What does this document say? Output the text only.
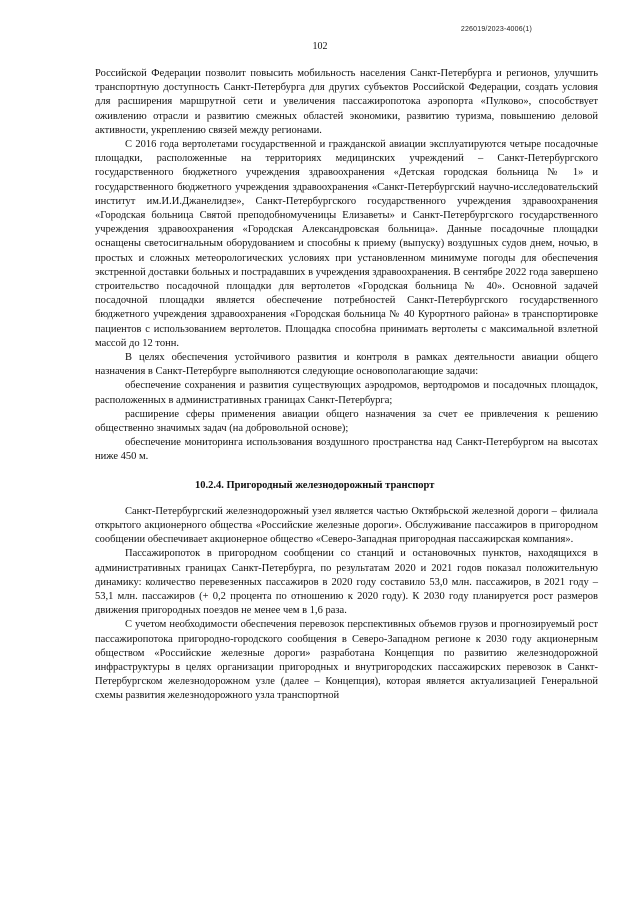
226019/2023-4006(1)
102

Российской Федерации позволит повысить мобильность населения Санкт-Петербурга и регионов, улучшить транспортную доступность Санкт-Петербурга для других субъектов Российской Федерации, создать условия для расширения маршрутной сети и увеличения пассажиропотока аэропорта «Пулково», способствует оживлению отрасли и развитию смежных областей экономики, развитию туризма, повышению деловой активности, укреплению связей между регионами.

С 2016 года вертолетами государственной и гражданской авиации эксплуатируются четыре посадочные площадки, расположенные на территориях медицинских учреждений – Санкт-Петербургского государственного бюджетного учреждения здравоохранения «Детская городская больница № 1» и государственного бюджетного учреждения здравоохранения «Санкт-Петербургский научно-исследовательский институт им.И.И.Джанелидзе», Санкт-Петербургского государственного учреждения здравоохранения «Городская больница Святой преподобномученицы Елизаветы» и Санкт-Петербургского государственного учреждения здравоохранения «Городская Александровская больница». Данные посадочные площадки оснащены светосигнальным оборудованием и способны к приему (выпуску) воздушных судов днем, ночью, в простых и сложных метеорологических условиях при установленном минимуме погоды для обеспечения экстренной доставки больных и пострадавших в учреждения здравоохранения. В сентябре 2022 года завершено строительство посадочной площадки для вертолетов «Городская больница № 40». Основной задачей посадочной площадки является обеспечение потребностей Санкт-Петербургского государственного бюджетного учреждения здравоохранения «Городская больница № 40 Курортного района» в транспортировке пациентов с использованием вертолетов. Площадка способна принимать вертолеты с максимальной взлетной массой до 12 тонн.

В целях обеспечения устойчивого развития и контроля в рамках деятельности авиации общего назначения в Санкт-Петербурге выполняются следующие основополагающие задачи:

обеспечение сохранения и развития существующих аэродромов, вертодромов и посадочных площадок, расположенных в административных границах Санкт-Петербурга;

расширение сферы применения авиации общего назначения за счет ее привлечения к решению общественно значимых задач (на добровольной основе);

обеспечение мониторинга использования воздушного пространства над Санкт-Петербургом на высотах ниже 450 м.

10.2.4. Пригородный железнодорожный транспорт

Санкт-Петербургский железнодорожный узел является частью Октябрьской железной дороги – филиала открытого акционерного общества «Российские железные дороги». Обслуживание пассажиров в пригородном сообщении обеспечивает акционерное общество «Северо-Западная пригородная пассажирская компания».

Пассажиропоток в пригородном сообщении со станций и остановочных пунктов, находящихся в административных границах Санкт-Петербурга, по результатам 2020 и 2021 годов показал положительную динамику: количество перевезенных пассажиров в 2020 году составило 53,0 млн. пассажиров, в 2021 году – 53,1 млн. пассажиров (+ 0,2 процента по отношению к 2020 году). К 2030 году планируется рост размеров движения пригородных поездов не менее чем в 1,6 раза.

С учетом необходимости обеспечения перевозок перспективных объемов грузов и прогнозируемый рост пассажиропотока пригородно-городского сообщения в Северо-Западном регионе к 2030 году акционерным обществом «Российские железные дороги» разработана Концепция по развитию железнодорожной инфраструктуры в целях организации пригородных и внутригородских пассажирских перевозок в Санкт-Петербургском железнодорожном узле (далее – Концепция), которая является актуализацией Генеральной схемы развития железнодорожного узла транспортной
